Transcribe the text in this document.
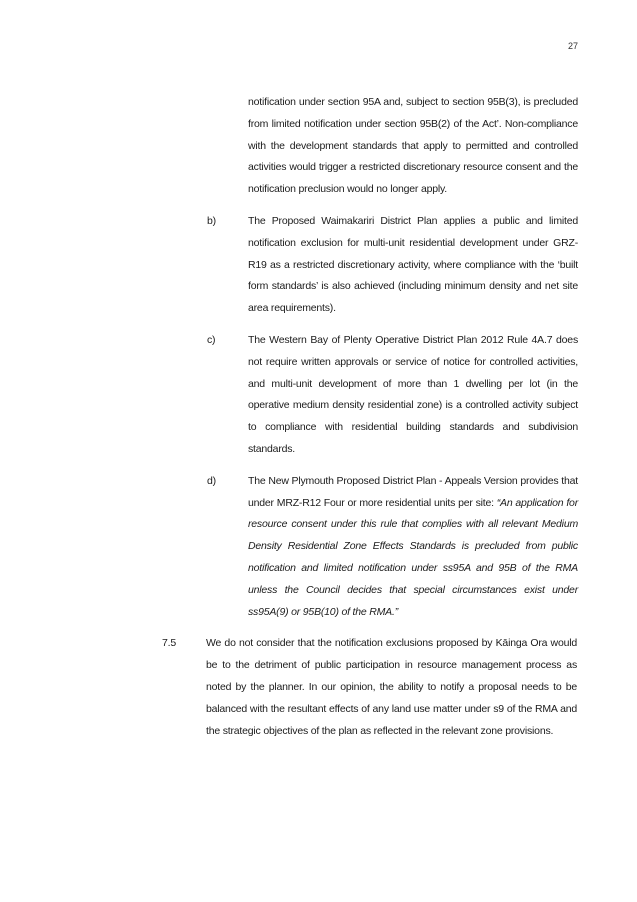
27

notification under section 95A and, subject to section 95B(3), is precluded from limited notification under section 95B(2) of the Act’. Non-compliance with the development standards that apply to permitted and controlled activities would trigger a restricted discretionary resource consent and the notification preclusion would no longer apply.

b)	The Proposed Waimakariri District Plan applies a public and limited notification exclusion for multi-unit residential development under GRZ-R19 as a restricted discretionary activity, where compliance with the ‘built form standards’ is also achieved (including minimum density and net site area requirements).

c)	The Western Bay of Plenty Operative District Plan 2012 Rule 4A.7 does not require written approvals or service of notice for controlled activities, and multi-unit development of more than 1 dwelling per lot (in the operative medium density residential zone) is a controlled activity subject to compliance with residential building standards and subdivision standards.

d)	The New Plymouth Proposed District Plan - Appeals Version provides that under MRZ-R12 Four or more residential units per site: “An application for resource consent under this rule that complies with all relevant Medium Density Residential Zone Effects Standards is precluded from public notification and limited notification under ss95A and 95B of the RMA unless the Council decides that special circumstances exist under ss95A(9) or 95B(10) of the RMA.”

7.5	We do not consider that the notification exclusions proposed by Kāinga Ora would be to the detriment of public participation in resource management process as noted by the planner. In our opinion, the ability to notify a proposal needs to be balanced with the resultant effects of any land use matter under s9 of the RMA and the strategic objectives of the plan as reflected in the relevant zone provisions.
